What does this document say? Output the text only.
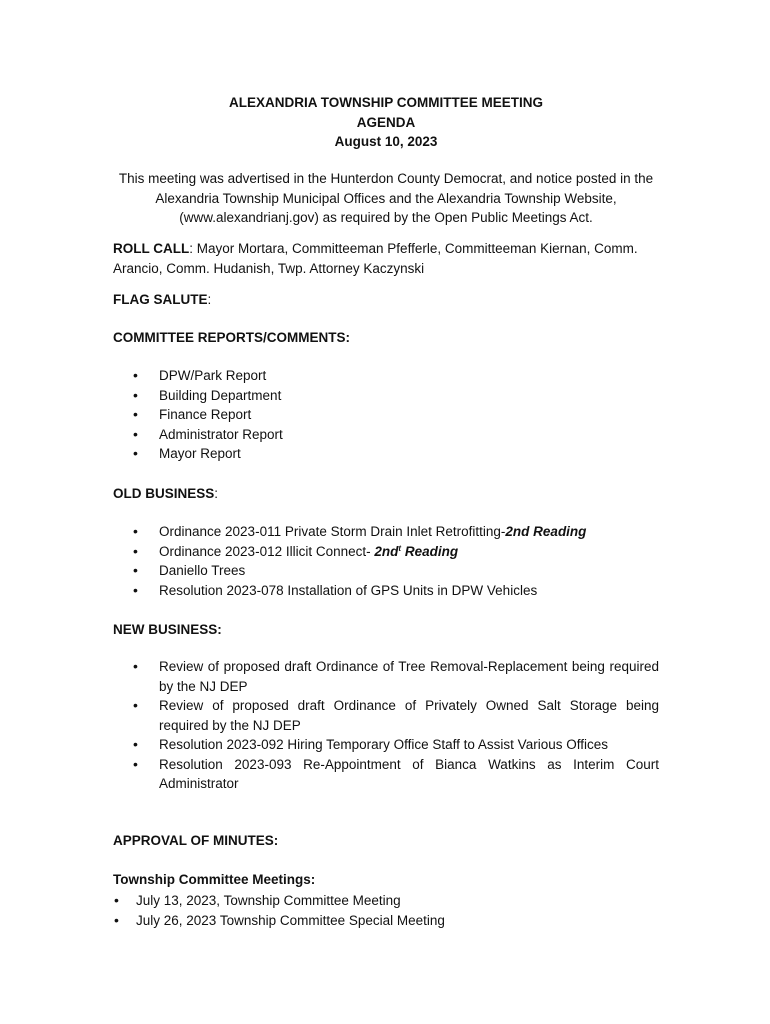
ALEXANDRIA TOWNSHIP COMMITTEE MEETING
AGENDA
August 10, 2023
This meeting was advertised in the Hunterdon County Democrat, and notice posted in the Alexandria Township Municipal Offices and the Alexandria Township Website, (www.alexandrianj.gov) as required by the Open Public Meetings Act.
ROLL CALL: Mayor Mortara, Committeeman Pfefferle, Committeeman Kiernan, Comm. Arancio, Comm. Hudanish, Twp. Attorney Kaczynski
FLAG SALUTE:
COMMITTEE REPORTS/COMMENTS:
• DPW/Park Report
• Building Department
• Finance Report
• Administrator Report
• Mayor Report
OLD BUSINESS:
• Ordinance 2023-011 Private Storm Drain Inlet Retrofitting-2nd Reading
• Ordinance 2023-012 Illicit Connect- $2nd^t$ Reading
• Daniello Trees
• Resolution 2023-078 Installation of GPS Units in DPW Vehicles
NEW BUSINESS:
• Review of proposed draft Ordinance of Tree Removal-Replacement being required by the NJ DEP
• Review of proposed draft Ordinance of Privately Owned Salt Storage being required by the NJ DEP
• Resolution 2023-092 Hiring Temporary Office Staff to Assist Various Offices
• Resolution 2023-093 Re-Appointment of Bianca Watkins as Interim Court Administrator
APPROVAL OF MINUTES:
Township Committee Meetings:
• July 13, 2023, Township Committee Meeting
• July 26, 2023 Township Committee Special Meeting
